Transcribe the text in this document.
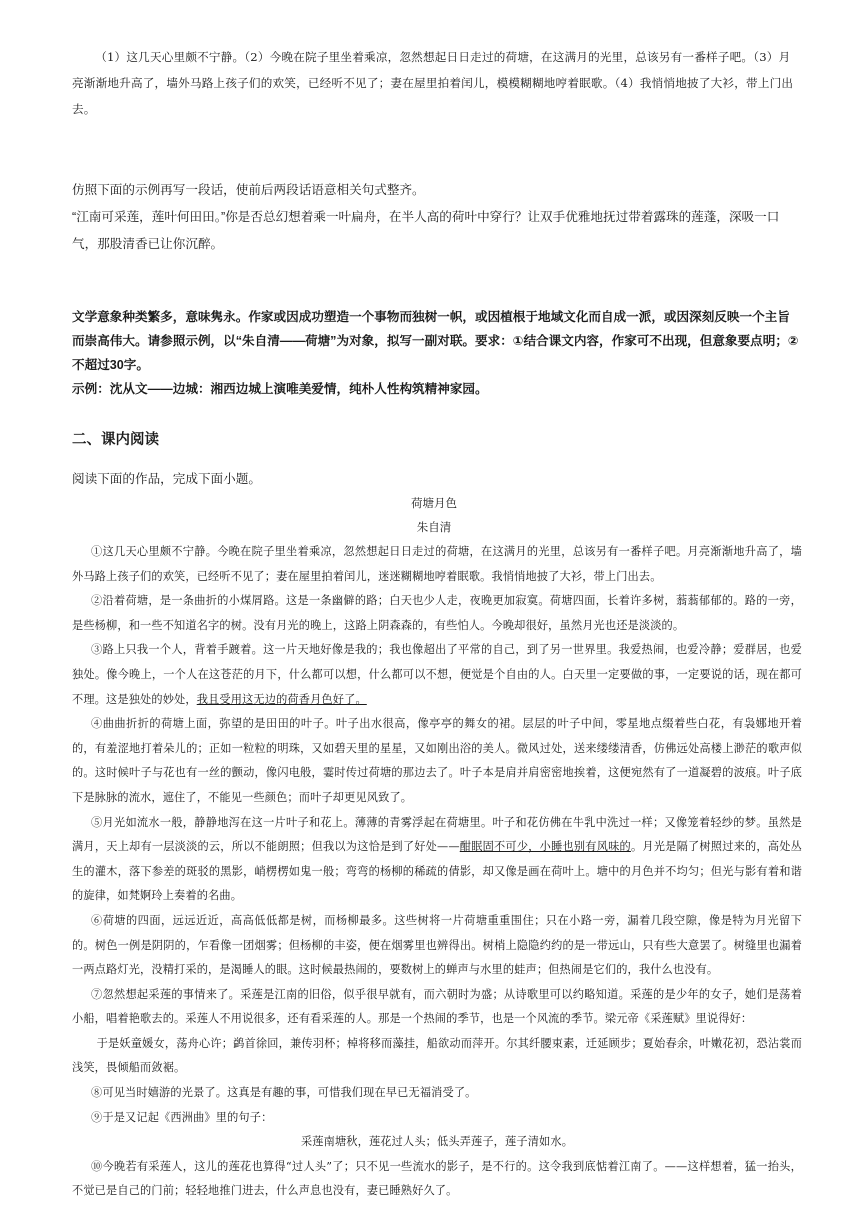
（1）这几天心里颇不宁静。（2）今晚在院子里坐着乘凉，忽然想起日日走过的荷塘，在这满月的光里，总该另有一番样子吧。（3）月亮渐渐地升高了，墙外马路上孩子们的欢笑，已经听不见了；妻在屋里拍着闰儿，模模糊糊地哼着眠歌。（4）我悄悄地披了大衫，带上门出去。

仿照下面的示例再写一段话，使前后两段话语意相关句式整齐。

“江南可采莲，莲叶何田田。”你是否总幻想着乘一叶扁舟，在半人高的荷叶中穿行？让双手优雅地抚过带着露珠的莲蓬，深吸一口气，那股清香已让你沉醉。

文学意象种类繁多，意味隽永。作家或因成功塑造一个事物而独树一帜，或因植根于地域文化而自成一派，或因深刻反映一个主旨而崇高伟大。请参照示例，以“朱自清——荷塘”为对象，拟写一副对联。要求：①结合课文内容，作家可不出现，但意象要点明；②不超过30字。

示例：沈从文——边城：湘西边城上演唯美爱情，纯朴人性构筑精神家园。

二、课内阅读
阅读下面的作品，完成下面小题。
荷塘月色
朱自清

①这几天心里颇不宁静。今晚在院子里坐着乘凉，忽然想起日日走过的荷塘，在这满月的光里，总该另有一番样子吧。月亮渐渐地升高了，墙外马路上孩子们的欢笑，已经听不见了；妻在屋里拍着闰儿，迷迷糊糊地哼着眠歌。我悄悄地披了大衫，带上门出去。

②沿着荷塘，是一条曲折的小煤屑路。这是一条幽僻的路；白天也少人走，夜晚更加寂寞。荷塘四面，长着许多树，蓊蓊郁郁的。路的一旁，是些杨柳，和一些不知道名字的树。没有月光的晚上，这路上阴森森的，有些怕人。今晚却很好，虽然月光也还是淡淡的。

③路上只我一个人，背着手踱着。这一片天地好像是我的；我也像超出了平常的自己，到了另一世界里。我爱热闹，也爱冷静；爱群居，也爱独处。像今晚上，一个人在这苍茫的月下，什么都可以想，什么都可以不想，便觉是个自由的人。白天里一定要做的事，一定要说的话，现在都可不理。这是独处的妙处，我且受用这无边的荷香月色好了。

④曲曲折折的荷塘上面，弥望的是田田的叶子。叶子出水很高，像亭亭的舞女的裙。层层的叶子中间，零星地点缀着些白花，有袅娜地开着的，有羞涩地打着朵儿的；正如一粒粒的明珠，又如碧天里的星星，又如刚出浴的美人。微风过处，送来缕缕清香，仿佛远处高楼上渺茫的歌声似的。这时候叶子与花也有一丝的颤动，像闪电般，霎时传过荷塘的那边去了。叶子本是肩并肩密密地挨着，这便宛然有了一道凝碧的波痕。叶子底下是脉脉的流水，遮住了，不能见一些颜色；而叶子却更见风致了。

⑤月光如流水一般，静静地泻在这一片叶子和花上。薄薄的青雾浮起在荷塘里。叶子和花仿佛在牛乳中洗过一样；又像笼着轻纱的梦。虽然是满月，天上却有一层淡淡的云，所以不能朗照；但我以为这恰是到了好处——酣眠固不可少，小睡也别有风味的。月光是隔了树照过来的，高处丛生的灌木，落下参差的斑驳的黑影，峭楞楞如鬼一般；弯弯的杨柳的稀疏的倩影，却又像是画在荷叶上。塘中的月色并不均匀；但光与影有着和谐的旋律，如梵婀玲上奏着的名曲。

⑥荷塘的四面，远远近近，高高低低都是树，而杨柳最多。这些树将一片荷塘重重围住；只在小路一旁，漏着几段空隙，像是特为月光留下的。树色一例是阴阴的，乍看像一团烟雾；但杨柳的丰姿，便在烟雾里也辨得出。树梢上隐隐约约的是一带远山，只有些大意罢了。树缝里也漏着一两点路灯光，没精打采的，是渴睡人的眼。这时候最热闹的，要数树上的蝉声与水里的蛙声；但热闹是它们的，我什么也没有。

⑦忽然想起采莲的事情来了。采莲是江南的旧俗，似乎很早就有，而六朝时为盛；从诗歌里可以约略知道。采莲的是少年的女子，她们是荡着小船，唱着艳歌去的。采莲人不用说很多，还有看采莲的人。那是一个热闹的季节，也是一个风流的季节。梁元帝《采莲赋》里说得好：

于是妖童媛女，荡舟心许；鹢首徐回，兼传羽杯；棹将移而藻挂，船欲动而萍开。尔其纤腰束素，迁延顾步；夏始春余，叶嫩花初，恐沾裳而浅笑，畏倾船而敛裾。

⑧可见当时嬉游的光景了。这真是有趣的事，可惜我们现在早已无福消受了。

⑨于是又记起《西洲曲》里的句子：

采莲南塘秋，莲花过人头；低头弄莲子，莲子清如水。

⑩今晚若有采莲人，这儿的莲花也算得“过人头”了；只不见一些流水的影子，是不行的。这令我到底惦着江南了。——这样想着，猛一抬头，不觉已是自己的门前；轻轻地推门进去，什么声息也没有，妻已睡熟好久了。
